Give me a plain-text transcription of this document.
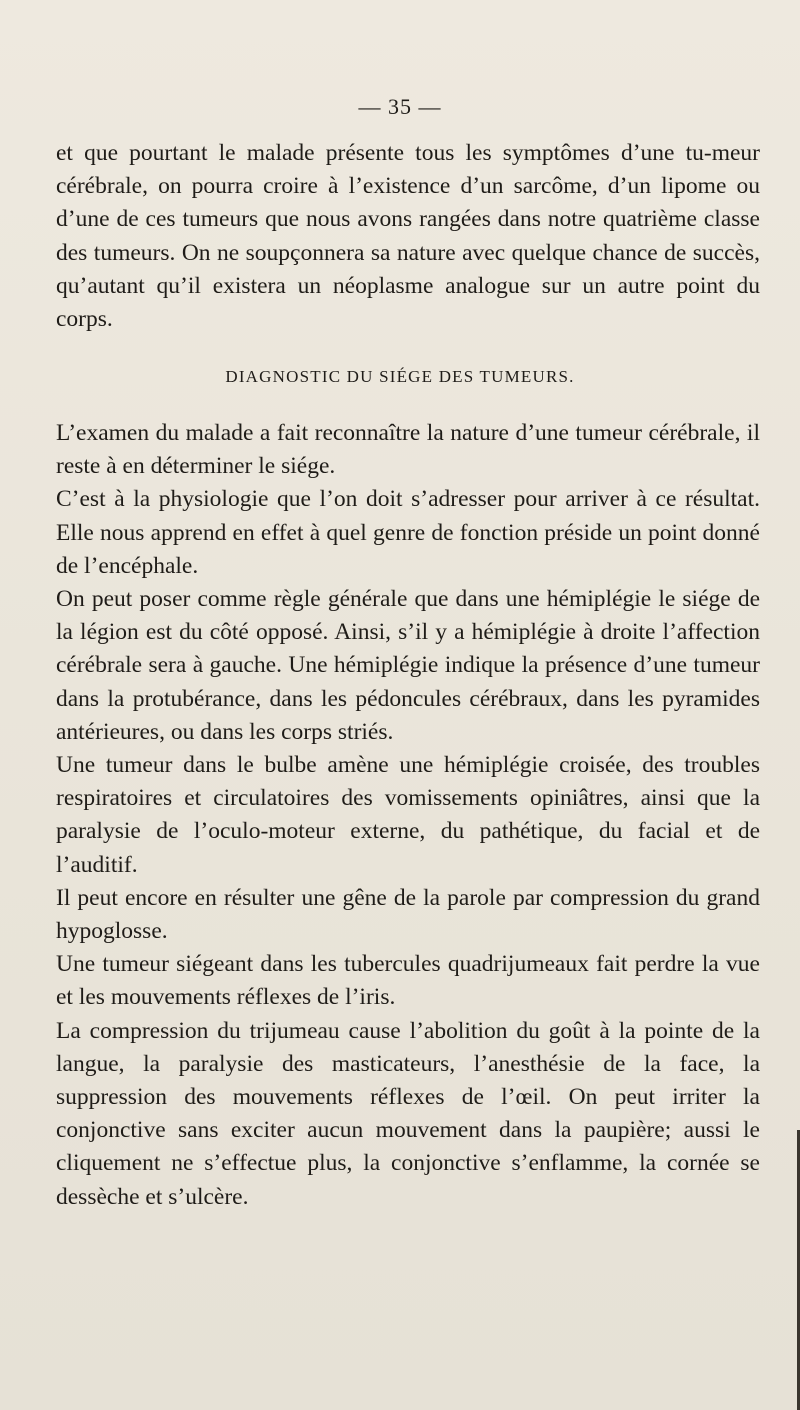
— 35 —

et que pourtant le malade présente tous les symptômes d’une tu-meur cérébrale, on pourra croire à l’existence d’un sarcôme, d’un lipome ou d’une de ces tumeurs que nous avons rangées dans notre quatrième classe des tumeurs. On ne soupçonnera sa nature avec quelque chance de succès, qu’autant qu’il existera un néoplasme analogue sur un autre point du corps.

DIAGNOSTIC DU SIÉGE DES TUMEURS.

L’examen du malade a fait reconnaître la nature d’une tumeur cérébrale, il reste à en déterminer le siége.

C’est à la physiologie que l’on doit s’adresser pour arriver à ce résultat. Elle nous apprend en effet à quel genre de fonction préside un point donné de l’encéphale.

On peut poser comme règle générale que dans une hémiplégie le siége de la légion est du côté opposé. Ainsi, s’il y a hémiplégie à droite l’affection cérébrale sera à gauche. Une hémiplégie indique la présence d’une tumeur dans la protubérance, dans les pédoncules cérébraux, dans les pyramides antérieures, ou dans les corps striés.

Une tumeur dans le bulbe amène une hémiplégie croisée, des troubles respiratoires et circulatoires des vomissements opiniâtres, ainsi que la paralysie de l’oculo-moteur externe, du pathétique, du facial et de l’auditif.

Il peut encore en résulter une gêne de la parole par compression du grand hypoglosse.

Une tumeur siégeant dans les tubercules quadrijumeaux fait perdre la vue et les mouvements réflexes de l’iris.

La compression du trijumeau cause l’abolition du goût à la pointe de la langue, la paralysie des masticateurs, l’anesthésie de la face, la suppression des mouvements réflexes de l’œil. On peut irriter la conjonctive sans exciter aucun mouvement dans la paupière; aussi le cliquement ne s’effectue plus, la conjonctive s’enflamme, la cornée se dessèche et s’ulcère.
